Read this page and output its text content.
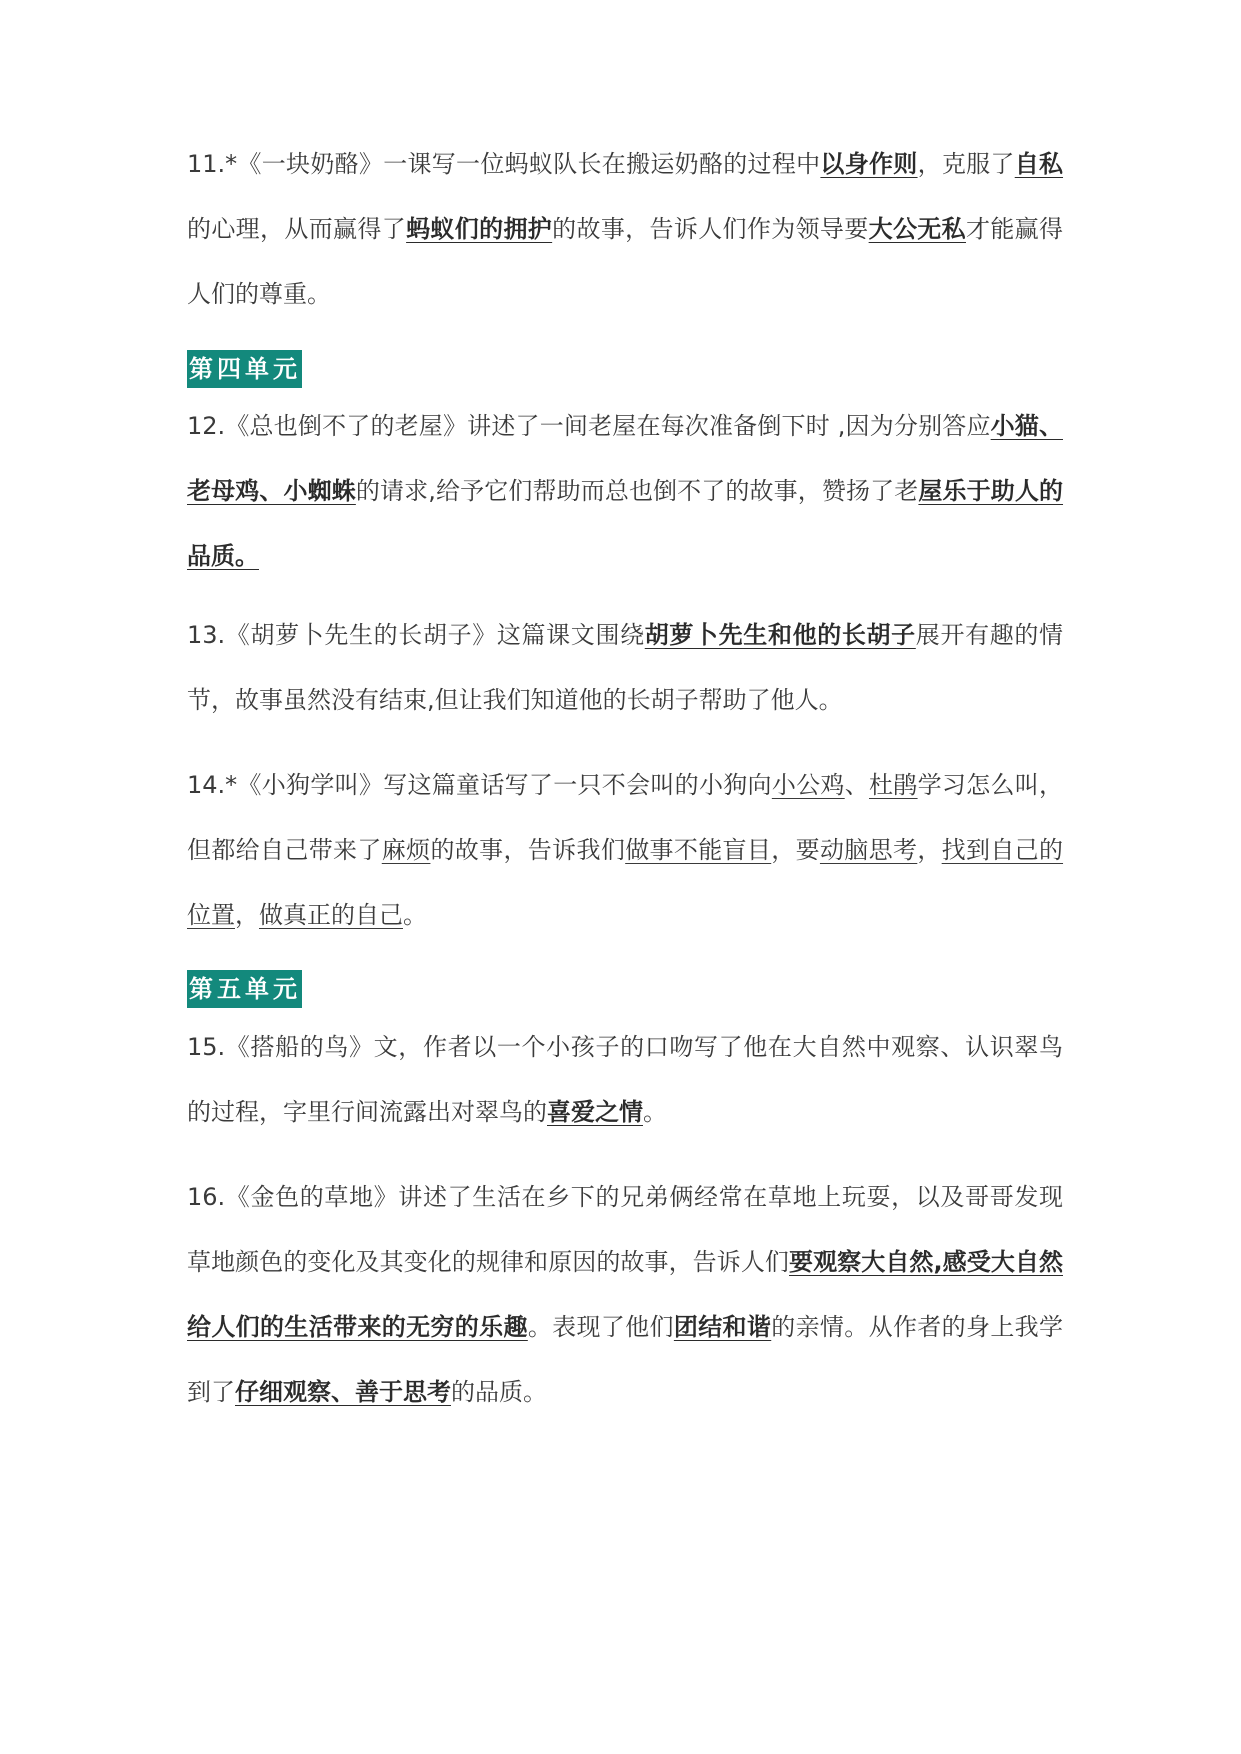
11.*《一块奶酪》一课写一位蚂蚁队长在搬运奶酪的过程中以身作则，克服了自私的心理，从而赢得了蚂蚁们的拥护的故事，告诉人们作为领导要大公无私才能赢得人们的尊重。

第四单元

12.《总也倒不了的老屋》讲述了一间老屋在每次准备倒下时 ,因为分别答应小猫、老母鸡、小蜘蛛的请求,给予它们帮助而总也倒不了的故事，赞扬了老屋乐于助人的品质。

13.《胡萝卜先生的长胡子》这篇课文围绕胡萝卜先生和他的长胡子展开有趣的情节，故事虽然没有结束,但让我们知道他的长胡子帮助了他人。

14.*《小狗学叫》写这篇童话写了一只不会叫的小狗向小公鸡、杜鹃学习怎么叫，但都给自己带来了麻烦的故事，告诉我们做事不能盲目，要动脑思考，找到自己的位置，做真正的自己。

第五单元

15.《搭船的鸟》文，作者以一个小孩子的口吻写了他在大自然中观察、认识翠鸟的过程，字里行间流露出对翠鸟的喜爱之情。

16.《金色的草地》讲述了生活在乡下的兄弟俩经常在草地上玩耍，以及哥哥发现草地颜色的变化及其变化的规律和原因的故事，告诉人们要观察大自然,感受大自然给人们的生活带来的无穷的乐趣。表现了他们团结和谐的亲情。从作者的身上我学到了仔细观察、善于思考的品质。
